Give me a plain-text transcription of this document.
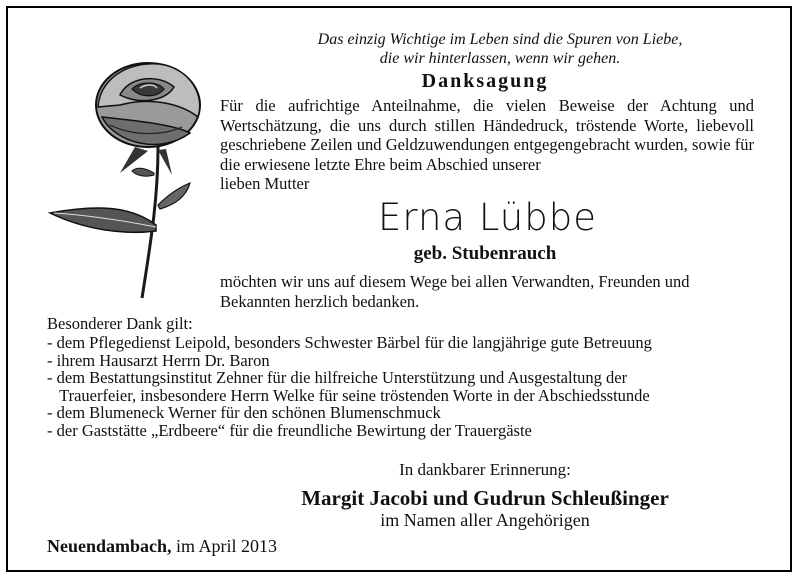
Das einzig Wichtige im Leben sind die Spuren von Liebe,
die wir hinterlassen, wenn wir gehen.
Danksagung
Für die aufrichtige Anteilnahme, die vielen Beweise der Achtung und Wertschätzung, die uns durch stillen Händedruck, tröstende Worte, liebevoll geschriebene Zeilen und Geldzuwendungen entgegengebracht wurden, sowie für die erwiesene letzte Ehre beim Abschied unserer
lieben Mutter
Erna Lübbe
geb. Stubenrauch
möchten wir uns auf diesem Wege bei allen Verwandten, Freunden und Bekannten herzlich bedanken.
Besonderer Dank gilt:
- dem Pflegedienst Leipold, besonders Schwester Bärbel für die langjährige gute Betreuung
- ihrem Hausarzt Herrn Dr. Baron
- dem Bestattungsinstitut Zehner für die hilfreiche Unterstützung und Ausgestaltung der
Trauerfeier, insbesondere Herrn Welke für seine tröstenden Worte in der Abschiedsstunde
- dem Blumeneck Werner für den schönen Blumenschmuck
- der Gaststätte „Erdbeere“ für die freundliche Bewirtung der Trauergäste
In dankbarer Erinnerung:
Margit Jacobi und Gudrun Schleußinger
im Namen aller Angehörigen
Neuendambach, im April 2013
